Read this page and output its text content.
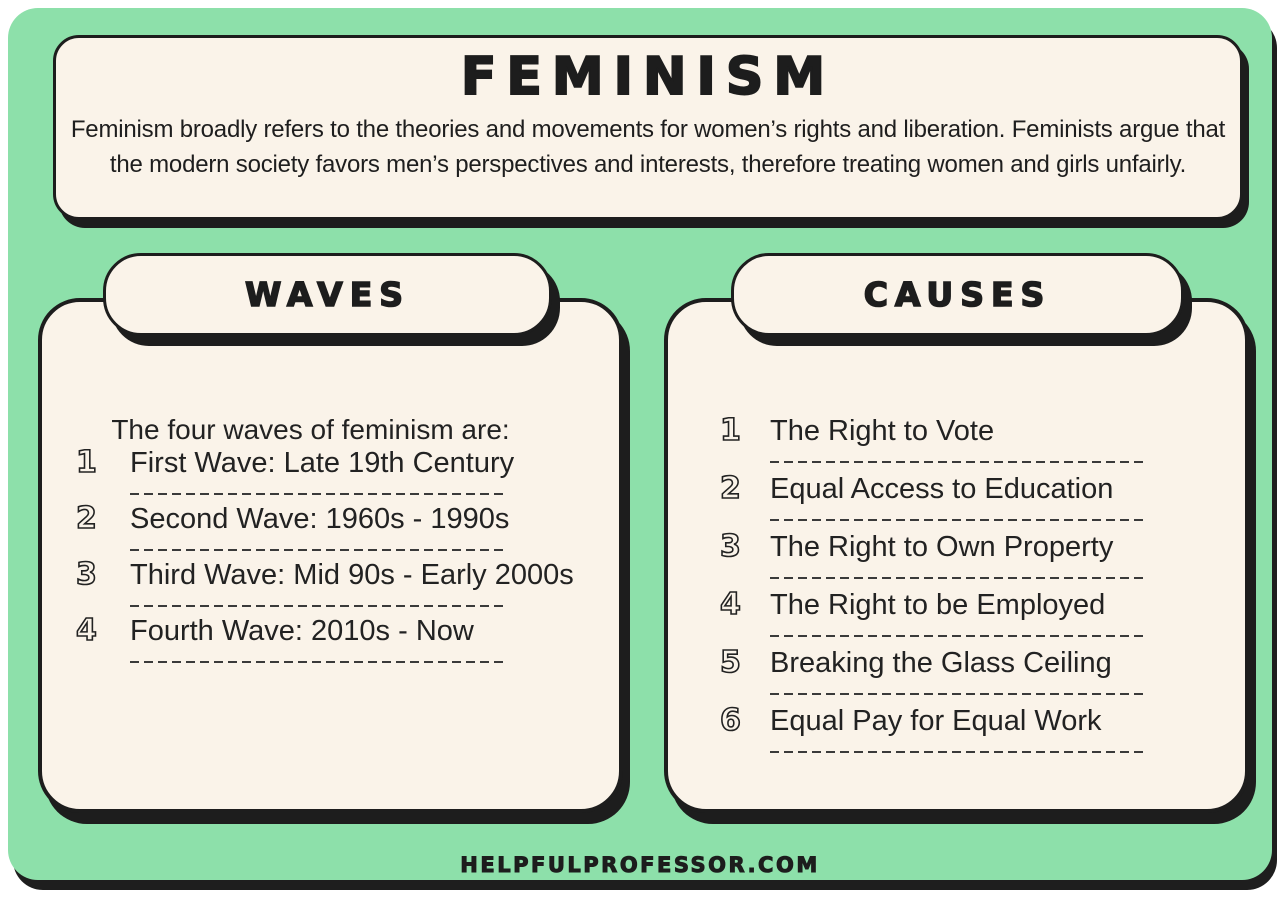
FEMINISM

Feminism broadly refers to the theories and movements for women’s rights and liberation. Feminists argue that the modern society favors men’s perspectives and interests, therefore treating women and girls unfairly.

WAVES

The four waves of feminism are:

1	First Wave: Late 19th Century
2	Second Wave: 1960s - 1990s
3	Third Wave: Mid 90s - Early 2000s
4	Fourth Wave: 2010s - Now
CAUSES
1	The Right to Vote
2	Equal Access to Education
3	The Right to Own Property
4	The Right to be Employed
5	Breaking the Glass Ceiling
6	Equal Pay for Equal Work
HELPFULPROFESSOR.COM
